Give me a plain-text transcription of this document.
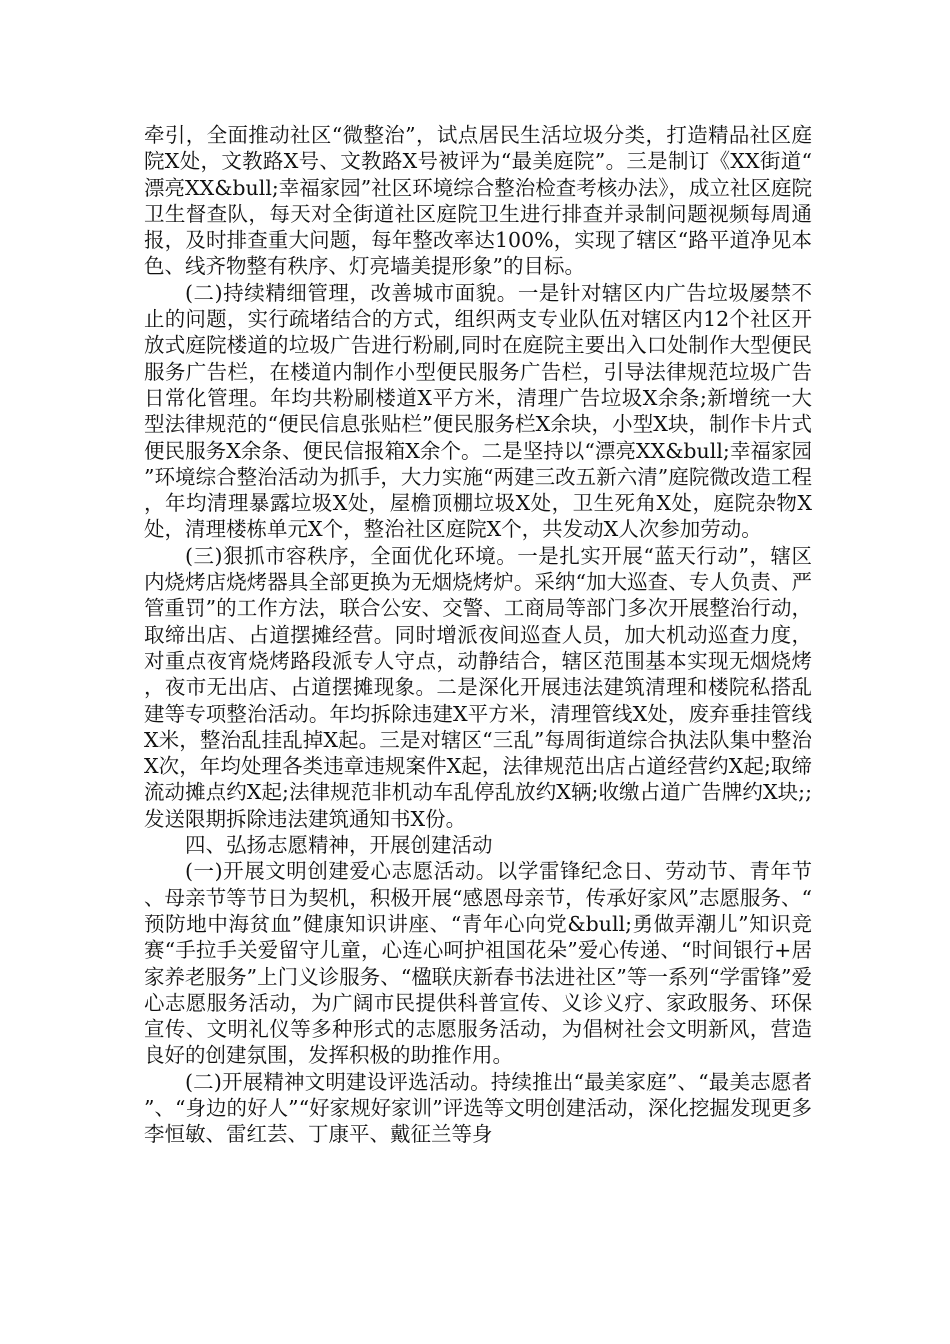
牵引，全面推动社区“微整治”，试点居民生活垃圾分类，打造精品社区庭院X处，文教路X号、文教路X号被评为“最美庭院”。三是制订《XX街道“漂亮XX&bull;幸福家园”社区环境综合整治检查考核办法》，成立社区庭院卫生督查队，每天对全街道社区庭院卫生进行排查并录制问题视频每周通报，及时排查重大问题，每年整改率达100%，实现了辖区“路平道净见本色、线齐物整有秩序、灯亮墙美提形象”的目标。

(二)持续精细管理，改善城市面貌。一是针对辖区内广告垃圾屡禁不止的问题，实行疏堵结合的方式，组织两支专业队伍对辖区内12个社区开放式庭院楼道的垃圾广告进行粉刷,同时在庭院主要出入口处制作大型便民服务广告栏，在楼道内制作小型便民服务广告栏，引导法律规范垃圾广告日常化管理。年均共粉刷楼道X平方米，清理广告垃圾X余条;新增统一大型法律规范的“便民信息张贴栏”便民服务栏X余块，小型X块，制作卡片式便民服务X余条、便民信报箱X余个。二是坚持以“漂亮XX&bull;幸福家园”环境综合整治活动为抓手，大力实施“两建三改五新六清”庭院微改造工程，年均清理暴露垃圾X处，屋檐顶棚垃圾X处，卫生死角X处，庭院杂物X处，清理楼栋单元X个，整治社区庭院X个，共发动X人次参加劳动。

(三)狠抓市容秩序，全面优化环境。一是扎实开展“蓝天行动”，辖区内烧烤店烧烤器具全部更换为无烟烧烤炉。采纳“加大巡查、专人负责、严管重罚”的工作方法，联合公安、交警、工商局等部门多次开展整治行动，取缔出店、占道摆摊经营。同时增派夜间巡查人员，加大机动巡查力度，对重点夜宵烧烤路段派专人守点，动静结合，辖区范围基本实现无烟烧烤，夜市无出店、占道摆摊现象。二是深化开展违法建筑清理和楼院私搭乱建等专项整治活动。年均拆除违建X平方米，清理管线X处，废弃垂挂管线X米，整治乱挂乱掉X起。三是对辖区“三乱”每周街道综合执法队集中整治X次，年均处理各类违章违规案件X起，法律规范出店占道经营约X起;取缔流动摊点约X起;法律规范非机动车乱停乱放约X辆;收缴占道广告牌约X块;;发送限期拆除违法建筑通知书X份。

四、弘扬志愿精神，开展创建活动

(一)开展文明创建爱心志愿活动。以学雷锋纪念日、劳动节、青年节、母亲节等节日为契机，积极开展“感恩母亲节，传承好家风”志愿服务、“预防地中海贫血”健康知识讲座、“青年心向党&bull;勇做弄潮儿”知识竞赛“手拉手关爱留守儿童，心连心呵护祖国花朵”爱心传递、“时间银行+居家养老服务”上门义诊服务、“楹联庆新春书法进社区”等一系列“学雷锋”爱心志愿服务活动，为广阔市民提供科普宣传、义诊义疗、家政服务、环保宣传、文明礼仪等多种形式的志愿服务活动，为倡树社会文明新风，营造良好的创建氛围，发挥积极的助推作用。

(二)开展精神文明建设评选活动。持续推出“最美家庭”、“最美志愿者”、“身边的好人”“好家规好家训”评选等文明创建活动，深化挖掘发现更多李恒敏、雷红芸、丁康平、戴征兰等身
